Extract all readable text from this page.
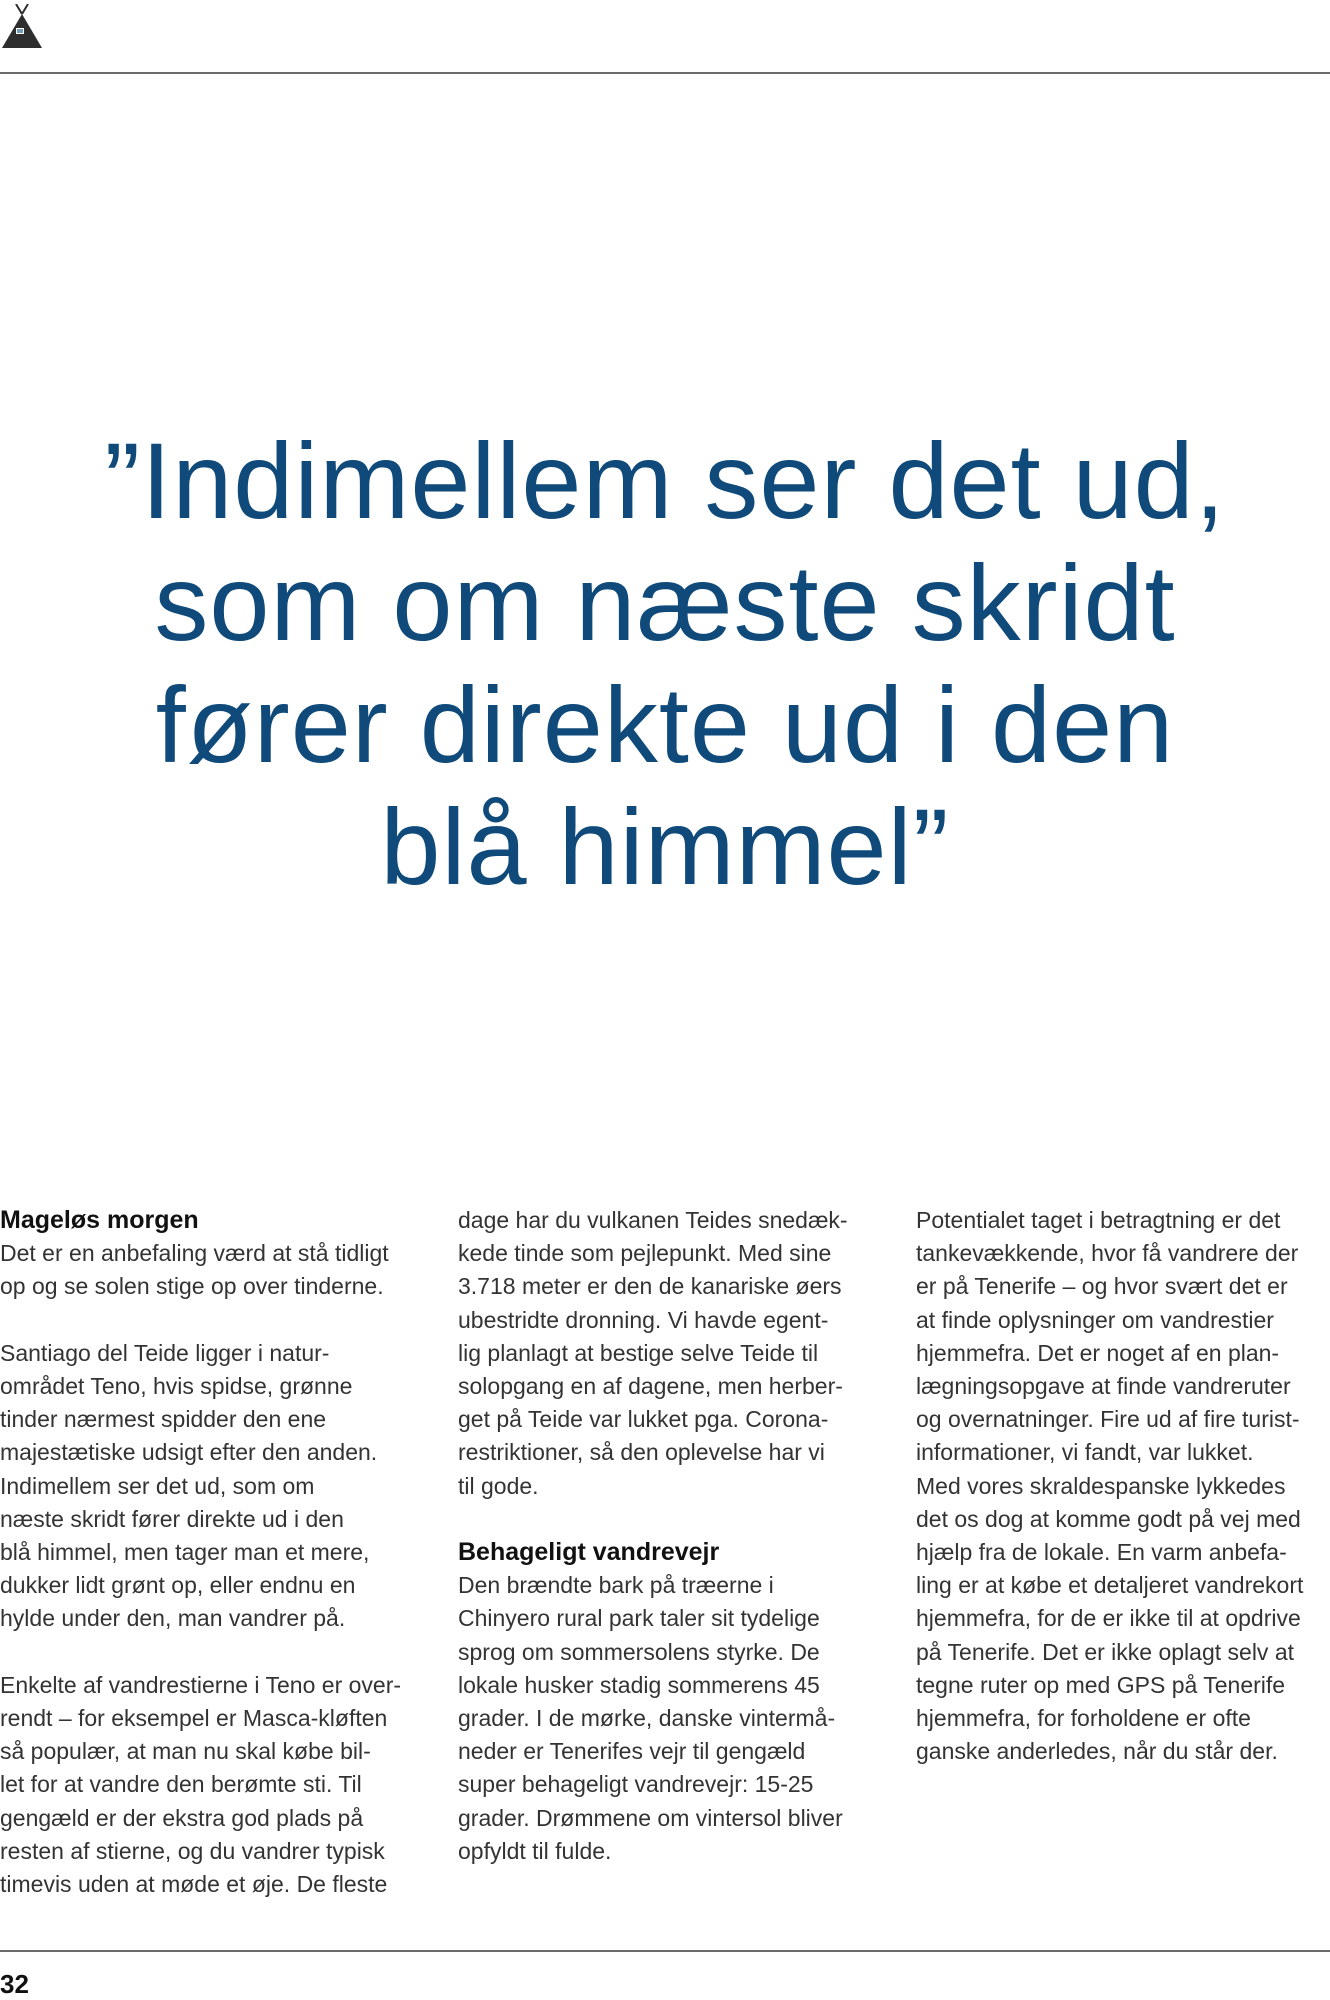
”Indimellem ser det ud,
som om næste skridt
fører direkte ud i den
blå himmel”
Mageløs morgen

Det er en anbefaling værd at stå tidligt
op og se solen stige op over tinderne.

Santiago del Teide ligger i natur-
området Teno, hvis spidse, grønne
tinder nærmest spidder den ene
majestætiske udsigt efter den anden.
Indimellem ser det ud, som om
næste skridt fører direkte ud i den
blå himmel, men tager man et mere,
dukker lidt grønt op, eller endnu en
hylde under den, man vandrer på.

Enkelte af vandrestierne i Teno er over-
rendt – for eksempel er Masca-kløften
så populær, at man nu skal købe bil-
let for at vandre den berømte sti. Til
gengæld er der ekstra god plads på
resten af stierne, og du vandrer typisk
timevis uden at møde et øje. De fleste

dage har du vulkanen Teides snedæk-
kede tinde som pejlepunkt. Med sine
3.718 meter er den de kanariske øers
ubestridte dronning. Vi havde egent-
lig planlagt at bestige selve Teide til
solopgang en af dagene, men herber-
get på Teide var lukket pga. Corona-
restriktioner, så den oplevelse har vi
til gode.

Behageligt vandrevejr

Den brændte bark på træerne i
Chinyero rural park taler sit tydelige
sprog om sommersolens styrke. De
lokale husker stadig sommerens 45
grader. I de mørke, danske vintermå-
neder er Tenerifes vejr til gengæld
super behageligt vandrevejr: 15-25
grader. Drømmene om vintersol bliver
opfyldt til fulde.

Potentialet taget i betragtning er det
tankevækkende, hvor få vandrere der
er på Tenerife – og hvor svært det er
at finde oplysninger om vandrestier
hjemmefra. Det er noget af en plan-
lægningsopgave at finde vandreruter
og overnatninger. Fire ud af fire turist-
informationer, vi fandt, var lukket.
Med vores skraldespanske lykkedes
det os dog at komme godt på vej med
hjælp fra de lokale. En varm anbefa-
ling er at købe et detaljeret vandrekort
hjemmefra, for de er ikke til at opdrive
på Tenerife. Det er ikke oplagt selv at
tegne ruter op med GPS på Tenerife
hjemmefra, for forholdene er ofte
ganske anderledes, når du står der.

32
